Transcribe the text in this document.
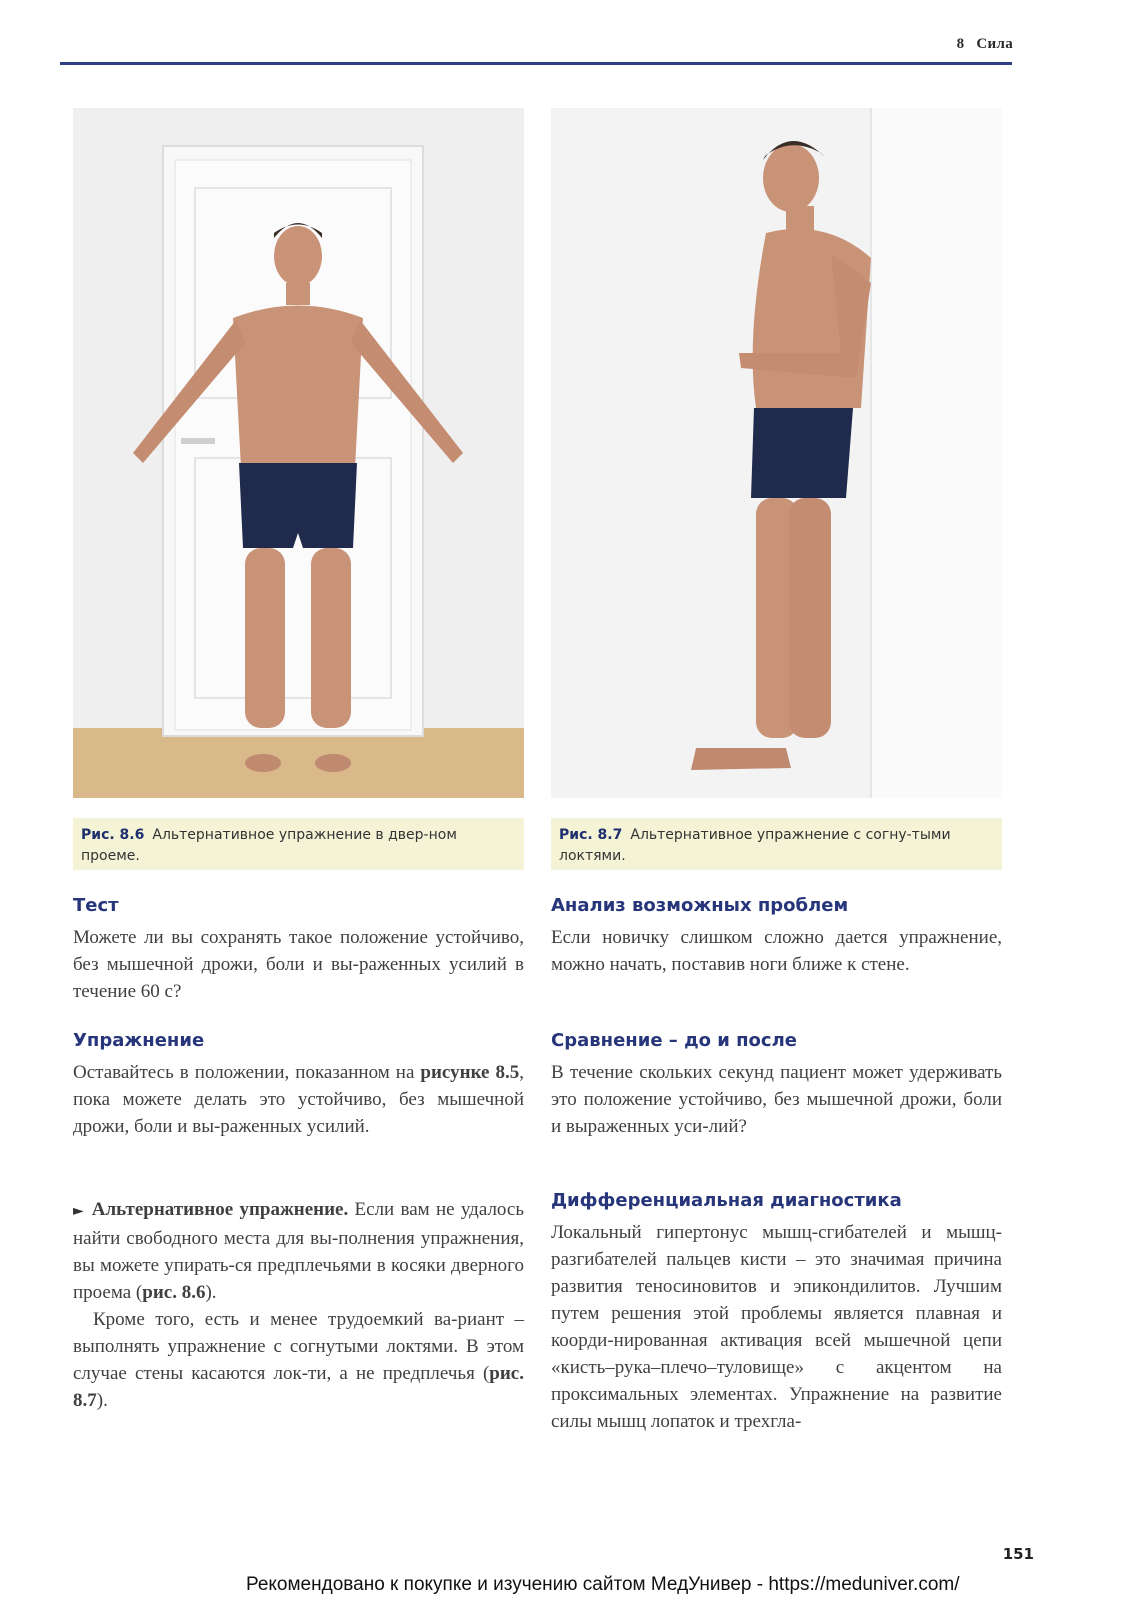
8 Сила
Рис. 8.6 Альтернативное упражнение в двер-ном проеме.
Рис. 8.7 Альтернативное упражнение с согну-тыми локтями.
Тест

Можете ли вы сохранять такое положение устойчиво, без мышечной дрожи, боли и вы-раженных усилий в течение 60 с?

Упражнение

Оставайтесь в положении, показанном на рисунке 8.5, пока можете делать это устойчиво, без мышечной дрожи, боли и вы-раженных усилий.

► Альтернативное упражнение. Если вам не удалось найти свободного места для вы-полнения упражнения, вы можете упирать-ся предплечьями в косяки дверного проема (рис. 8.6).

Кроме того, есть и менее трудоемкий ва-риант – выполнять упражнение с согнутыми локтями. В этом случае стены касаются лок-ти, а не предплечья (рис. 8.7).

Анализ возможных проблем

Если новичку слишком сложно дается упражнение, можно начать, поставив ноги ближе к стене.

Сравнение – до и после

В течение скольких секунд пациент может удерживать это положение устойчиво, без мышечной дрожи, боли и выраженных уси-лий?

Дифференциальная диагностика

Локальный гипертонус мышц-сгибателей и мышц-разгибателей пальцев кисти – это значимая причина развития теносиновитов и эпикондилитов. Лучшим путем решения этой проблемы является плавная и коорди-нированная активация всей мышечной цепи «кисть–рука–плечо–туловище» с акцентом на проксимальных элементах. Упражнение на развитие силы мышц лопаток и трехгла-

151
Рекомендовано к покупке и изучению сайтом МедУнивер - https://meduniver.com/
